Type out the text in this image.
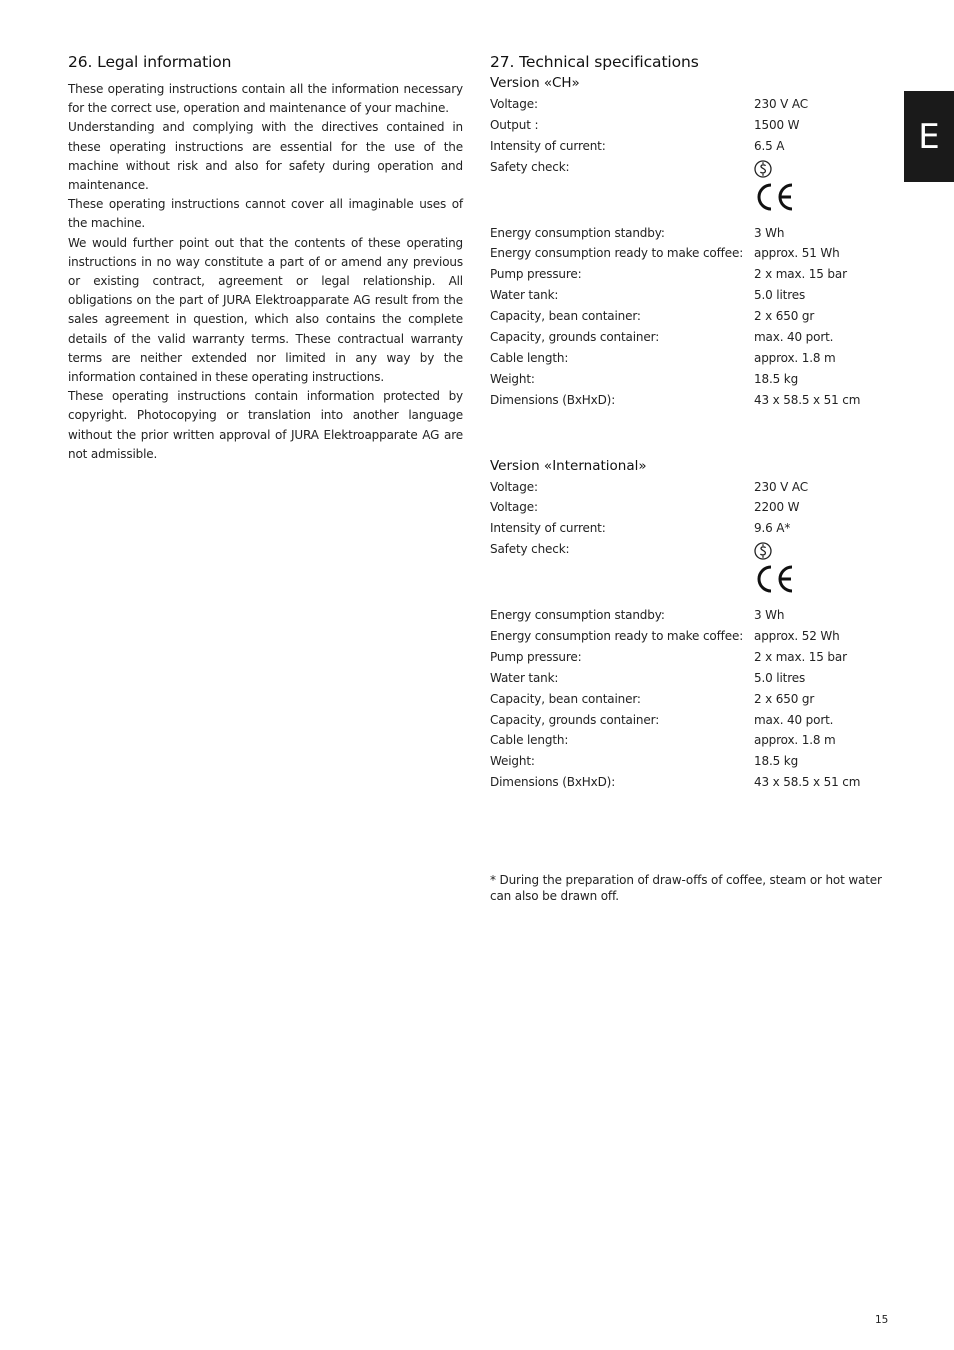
E
26. Legal information

These operating instructions contain all the information necessary for the correct use, operation and maintenance of your machine.

Understanding and complying with the directives contained in these operating instructions are essential for the use of the machine without risk and also for safety during operation and maintenance.

These operating instructions cannot cover all imaginable uses of the machine.

We would further point out that the contents of these operating instructions in no way constitute a part of or amend any previous or existing contract, agreement or legal relationship. All obligations on the part of JURA Elektroapparate AG result from the sales agreement in question, which also contains the complete details of the valid warranty terms. These contractual warranty terms are neither extended nor limited in any way by the information contained in these operating instructions.

These operating instructions contain information protected by copyright. Photocopying or translation into another language without the prior written approval of JURA Elektroapparate AG are not admissible.

27. Technical specifications
Version «CH»
Voltage:	230 V AC
Output :	1500 W
Intensity of current:	6.5 A
Safety check:
Energy consumption standby:	3 Wh
Energy consumption ready to make coffee: approx. 51 Wh
Pump pressure:	2 x max. 15 bar
Water tank:	5.0 litres
Capacity, bean container:	2 x 650 gr
Capacity, grounds container:	max. 40 port.
Cable length:	approx. 1.8 m
Weight:	18.5 kg
Dimensions (BxHxD):	43 x 58.5 x 51 cm
Version «International»
Voltage:	230 V AC
Voltage:	2200 W
Intensity of current:	9.6 A*
Safety check:
Energy consumption standby:	3 Wh
Energy consumption ready to make coffee: approx. 52 Wh
Pump pressure:	2 x max. 15 bar
Water tank:	5.0 litres
Capacity, bean container:	2 x 650 gr
Capacity, grounds container:	max. 40 port.
Cable length:	approx. 1.8 m
Weight:	18.5 kg
Dimensions (BxHxD):	43 x 58.5 x 51 cm
* During the preparation of draw-offs of coffee, steam or hot water can also be drawn off.
15
